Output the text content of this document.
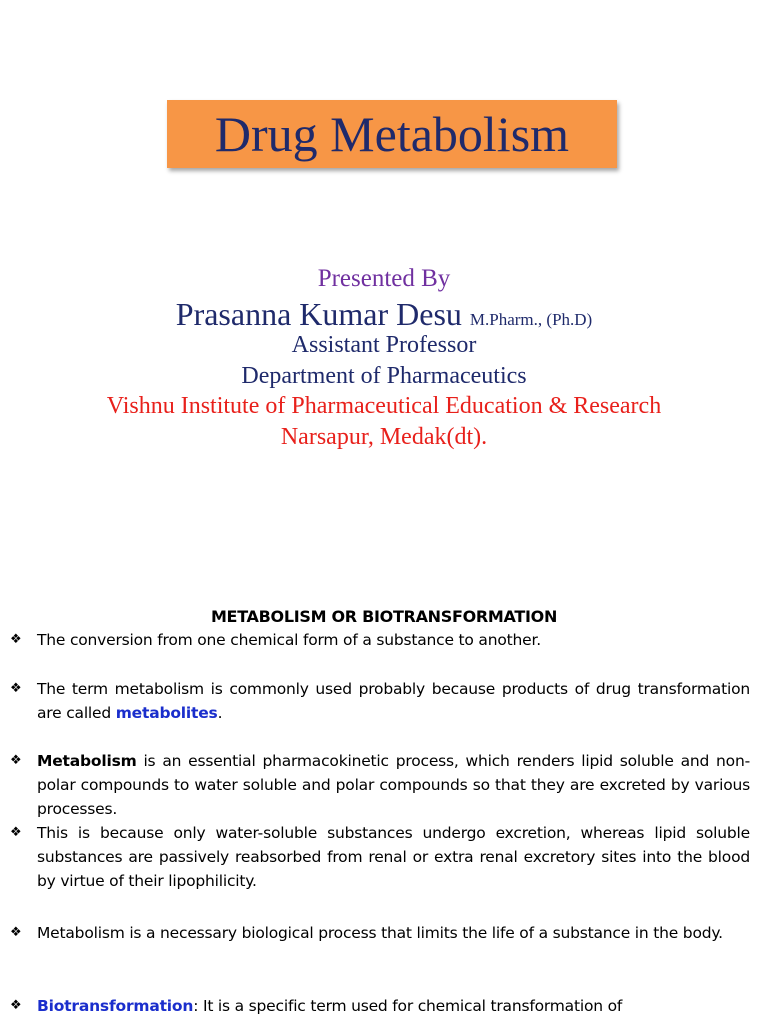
Drug Metabolism
Presented By
Prasanna Kumar Desu M.Pharm., (Ph.D)
Assistant Professor
Department of Pharmaceutics
Vishnu Institute of Pharmaceutical Education & Research
Narsapur, Medak(dt).
METABOLISM OR BIOTRANSFORMATION
❖	The conversion from one chemical form of a substance to another.
❖	The term metabolism is commonly used probably because products of drug transformation are called metabolites.
❖	Metabolism is an essential pharmacokinetic process, which renders lipid soluble and non-polar compounds to water soluble and polar compounds so that they are excreted by various processes.
❖	This is because only water-soluble substances undergo excretion, whereas lipid soluble substances are passively reabsorbed from renal or extra renal excretory sites into the blood by virtue of their lipophilicity.
❖	Metabolism is a necessary biological process that limits the life of a substance in the body.
❖	Biotransformation: It is a specific term used for chemical transformation of
